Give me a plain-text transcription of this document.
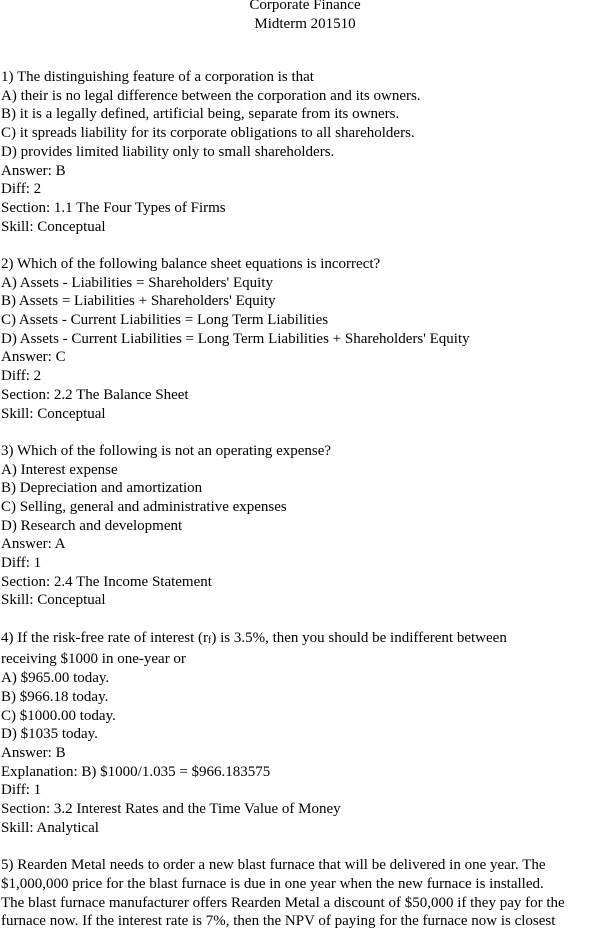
Corporate Finance
Midterm 201510
1) The distinguishing feature of a corporation is that
A) their is no legal difference between the corporation and its owners.
B) it is a legally defined, artificial being, separate from its owners.
C) it spreads liability for its corporate obligations to all shareholders.
D) provides limited liability only to small shareholders.
Answer: B
Diff: 2
Section: 1.1 The Four Types of Firms
Skill: Conceptual
2) Which of the following balance sheet equations is incorrect?
A) Assets - Liabilities = Shareholders' Equity
B) Assets = Liabilities + Shareholders' Equity
C) Assets - Current Liabilities = Long Term Liabilities
D) Assets - Current Liabilities = Long Term Liabilities + Shareholders' Equity
Answer: C
Diff: 2
Section: 2.2 The Balance Sheet
Skill: Conceptual
3) Which of the following is not an operating expense?
A) Interest expense
B) Depreciation and amortization
C) Selling, general and administrative expenses
D) Research and development
Answer: A
Diff: 1
Section: 2.4 The Income Statement
Skill: Conceptual
4) If the risk-free rate of interest $(r_f)$ is 3.5%, then you should be indifferent between
receiving $1000 in one-year or
A) $965.00 today.
B) $966.18 today.
C) $1000.00 today.
D) $1035 today.
Answer: B
Explanation: B) $1000/1.035 = $966.183575
Diff: 1
Section: 3.2 Interest Rates and the Time Value of Money
Skill: Analytical
5) Rearden Metal needs to order a new blast furnace that will be delivered in one year. The
$1,000,000 price for the blast furnace is due in one year when the new furnace is installed.
The blast furnace manufacturer offers Rearden Metal a discount of $50,000 if they pay for the
furnace now. If the interest rate is 7%, then the NPV of paying for the furnace now is closest
